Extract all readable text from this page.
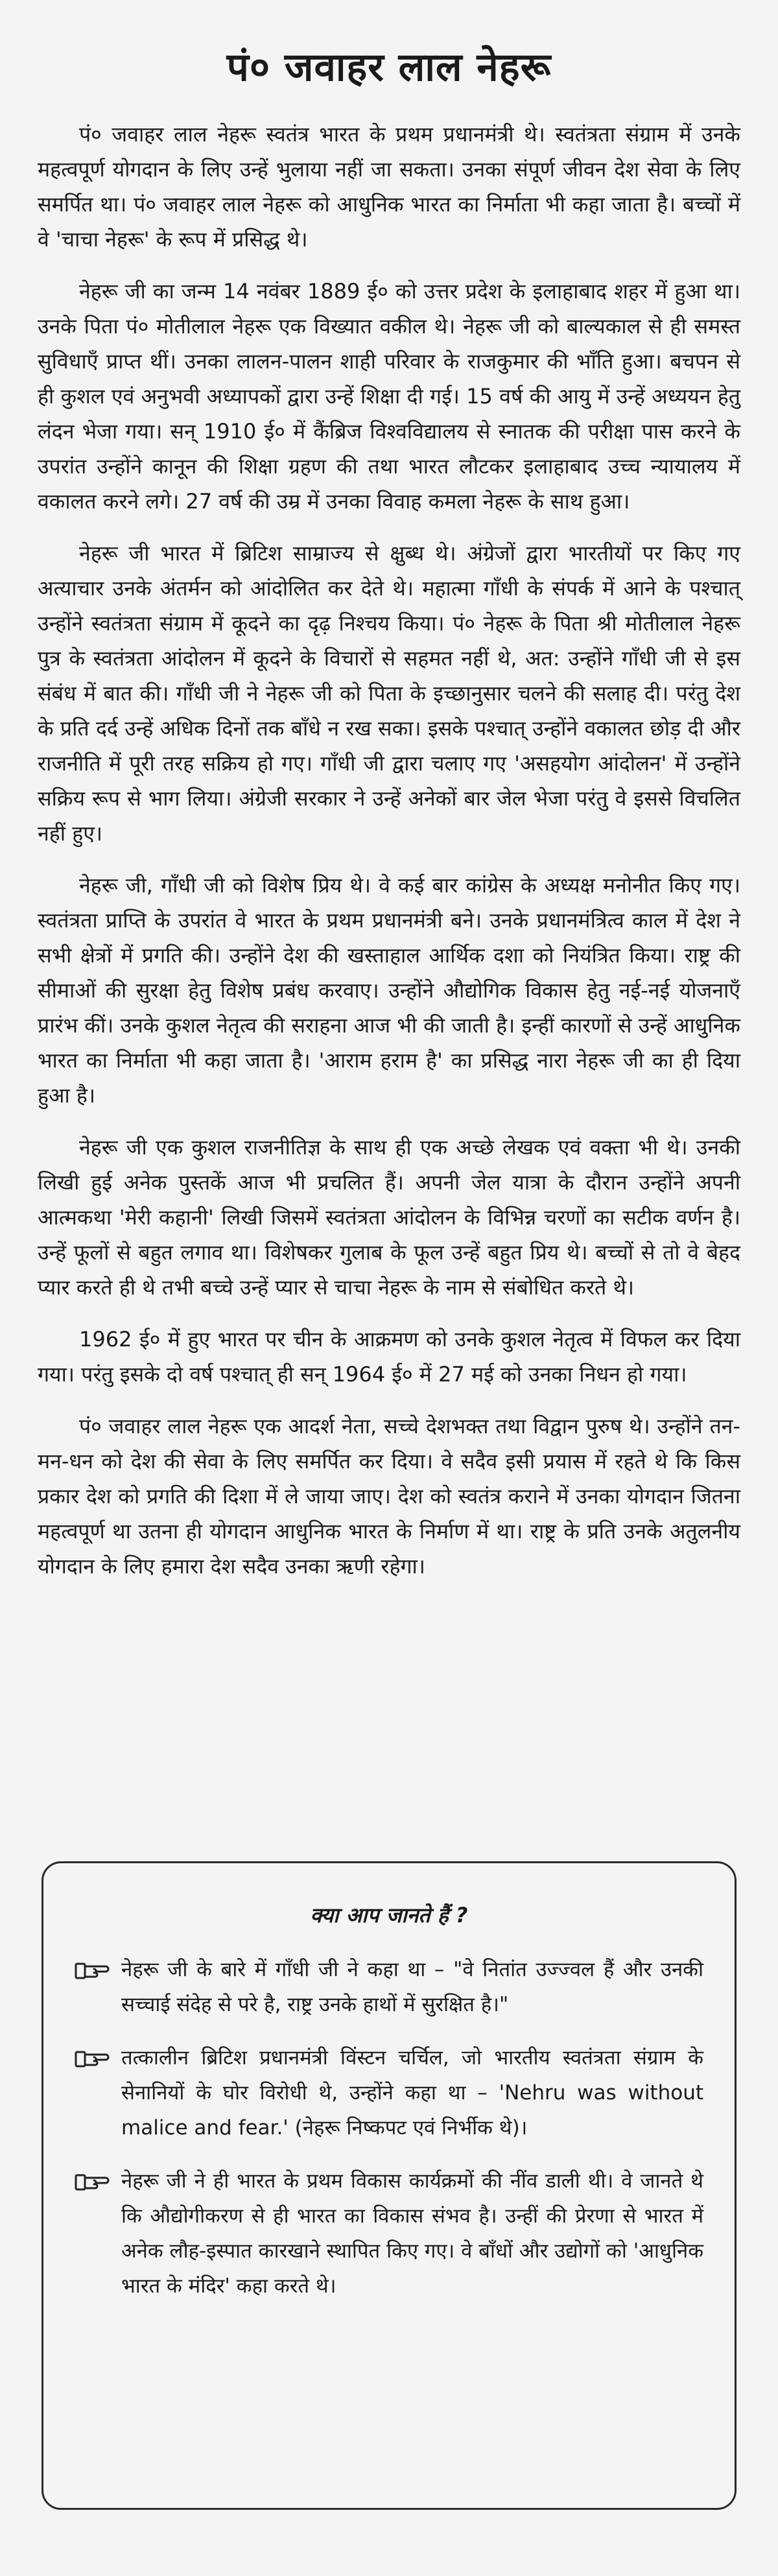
पं० जवाहर लाल नेहरू

पं० जवाहर लाल नेहरू स्वतंत्र भारत के प्रथम प्रधानमंत्री थे। स्वतंत्रता संग्राम में उनके महत्वपूर्ण योगदान के लिए उन्हें भुलाया नहीं जा सकता। उनका संपूर्ण जीवन देश सेवा के लिए समर्पित था। पं० जवाहर लाल नेहरू को आधुनिक भारत का निर्माता भी कहा जाता है। बच्चों में वे 'चाचा नेहरू' के रूप में प्रसिद्ध थे।

नेहरू जी का जन्म 14 नवंबर 1889 ई० को उत्तर प्रदेश के इलाहाबाद शहर में हुआ था। उनके पिता पं० मोतीलाल नेहरू एक विख्यात वकील थे। नेहरू जी को बाल्यकाल से ही समस्त सुविधाएँ प्राप्त थीं। उनका लालन-पालन शाही परिवार के राजकुमार की भाँति हुआ। बचपन से ही कुशल एवं अनुभवी अध्यापकों द्वारा उन्हें शिक्षा दी गई। 15 वर्ष की आयु में उन्हें अध्ययन हेतु लंदन भेजा गया। सन् 1910 ई० में कैंब्रिज विश्वविद्यालय से स्नातक की परीक्षा पास करने के उपरांत उन्होंने कानून की शिक्षा ग्रहण की तथा भारत लौटकर इलाहाबाद उच्च न्यायालय में वकालत करने लगे। 27 वर्ष की उम्र में उनका विवाह कमला नेहरू के साथ हुआ।

नेहरू जी भारत में ब्रिटिश साम्राज्य से क्षुब्ध थे। अंग्रेजों द्वारा भारतीयों पर किए गए अत्याचार उनके अंतर्मन को आंदोलित कर देते थे। महात्मा गाँधी के संपर्क में आने के पश्चात् उन्होंने स्वतंत्रता संग्राम में कूदने का दृढ़ निश्चय किया। पं० नेहरू के पिता श्री मोतीलाल नेहरू पुत्र के स्वतंत्रता आंदोलन में कूदने के विचारों से सहमत नहीं थे, अत: उन्होंने गाँधी जी से इस संबंध में बात की। गाँधी जी ने नेहरू जी को पिता के इच्छानुसार चलने की सलाह दी। परंतु देश के प्रति दर्द उन्हें अधिक दिनों तक बाँधे न रख सका। इसके पश्चात् उन्होंने वकालत छोड़ दी और राजनीति में पूरी तरह सक्रिय हो गए। गाँधी जी द्वारा चलाए गए 'असहयोग आंदोलन' में उन्होंने सक्रिय रूप से भाग लिया। अंग्रेजी सरकार ने उन्हें अनेकों बार जेल भेजा परंतु वे इससे विचलित नहीं हुए।

नेहरू जी, गाँधी जी को विशेष प्रिय थे। वे कई बार कांग्रेस के अध्यक्ष मनोनीत किए गए। स्वतंत्रता प्राप्ति के उपरांत वे भारत के प्रथम प्रधानमंत्री बने। उनके प्रधानमंत्रित्व काल में देश ने सभी क्षेत्रों में प्रगति की। उन्होंने देश की खस्ताहाल आर्थिक दशा को नियंत्रित किया। राष्ट्र की सीमाओं की सुरक्षा हेतु विशेष प्रबंध करवाए। उन्होंने औद्योगिक विकास हेतु नई-नई योजनाएँ प्रारंभ कीं। उनके कुशल नेतृत्व की सराहना आज भी की जाती है। इन्हीं कारणों से उन्हें आधुनिक भारत का निर्माता भी कहा जाता है। 'आराम हराम है' का प्रसिद्ध नारा नेहरू जी का ही दिया हुआ है।

नेहरू जी एक कुशल राजनीतिज्ञ के साथ ही एक अच्छे लेखक एवं वक्ता भी थे। उनकी लिखी हुई अनेक पुस्तकें आज भी प्रचलित हैं। अपनी जेल यात्रा के दौरान उन्होंने अपनी आत्मकथा 'मेरी कहानी' लिखी जिसमें स्वतंत्रता आंदोलन के विभिन्न चरणों का सटीक वर्णन है। उन्हें फूलों से बहुत लगाव था। विशेषकर गुलाब के फूल उन्हें बहुत प्रिय थे। बच्चों से तो वे बेहद प्यार करते ही थे तभी बच्चे उन्हें प्यार से चाचा नेहरू के नाम से संबोधित करते थे।

1962 ई० में हुए भारत पर चीन के आक्रमण को उनके कुशल नेतृत्व में विफल कर दिया गया। परंतु इसके दो वर्ष पश्चात् ही सन् 1964 ई० में 27 मई को उनका निधन हो गया।

पं० जवाहर लाल नेहरू एक आदर्श नेता, सच्चे देशभक्त तथा विद्वान पुरुष थे। उन्होंने तन-मन-धन को देश की सेवा के लिए समर्पित कर दिया। वे सदैव इसी प्रयास में रहते थे कि किस प्रकार देश को प्रगति की दिशा में ले जाया जाए। देश को स्वतंत्र कराने में उनका योगदान जितना महत्वपूर्ण था उतना ही योगदान आधुनिक भारत के निर्माण में था। राष्ट्र के प्रति उनके अतुलनीय योगदान के लिए हमारा देश सदैव उनका ऋणी रहेगा।

क्या आप जानते हैं ?
नेहरू जी के बारे में गाँधी जी ने कहा था – "वे नितांत उज्ज्वल हैं और उनकी सच्चाई संदेह से परे है, राष्ट्र उनके हाथों में सुरक्षित है।"
तत्कालीन ब्रिटिश प्रधानमंत्री विंस्टन चर्चिल, जो भारतीय स्वतंत्रता संग्राम के सेनानियों के घोर विरोधी थे, उन्होंने कहा था – 'Nehru was without malice and fear.' (नेहरू निष्कपट एवं निर्भीक थे)।
नेहरू जी ने ही भारत के प्रथम विकास कार्यक्रमों की नींव डाली थी। वे जानते थे कि औद्योगीकरण से ही भारत का विकास संभव है। उन्हीं की प्रेरणा से भारत में अनेक लौह-इस्पात कारखाने स्थापित किए गए। वे बाँधों और उद्योगों को 'आधुनिक भारत के मंदिर' कहा करते थे।
